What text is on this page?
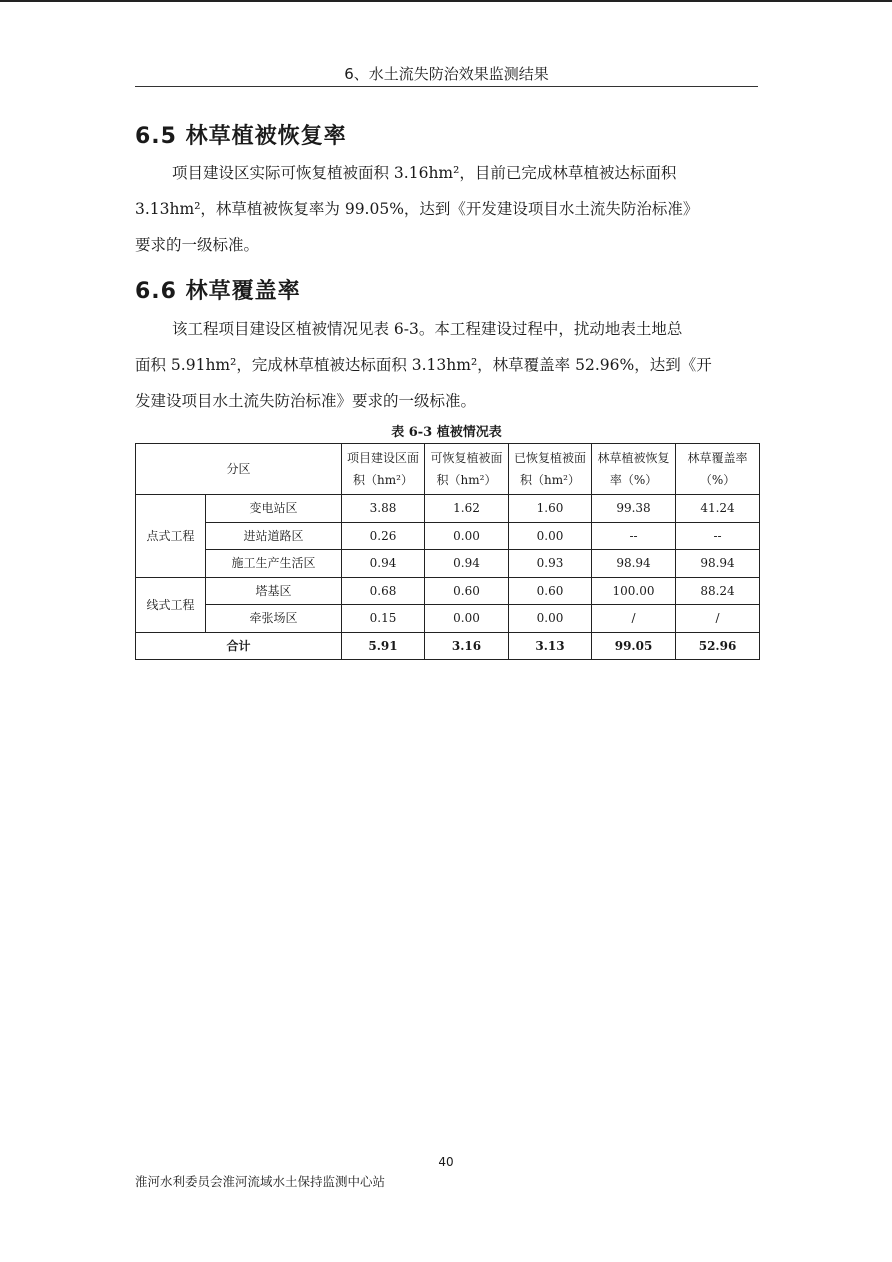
6、水土流失防治效果监测结果
6.5 林草植被恢复率
项目建设区实际可恢复植被面积 3.16hm²，目前已完成林草植被达标面积
3.13hm²，林草植被恢复率为 99.05%，达到《开发建设项目水土流失防治标准》
要求的一级标准。
6.6 林草覆盖率
该工程项目建设区植被情况见表 6-3。本工程建设过程中，扰动地表土地总
面积 5.91hm²，完成林草植被达标面积 3.13hm²，林草覆盖率 52.96%，达到《开
发建设项目水土流失防治标准》要求的一级标准。
表 6-3 植被情况表
分区		项目建设区面积（hm²）	可恢复植被面积（hm²）	已恢复植被面积（hm²）	林草植被恢复率（%）	林草覆盖率（%）
点式工程	变电站区	3.88	1.62	1.60	99.38	41.24
	进站道路区	0.26	0.00	0.00	--	--
	施工生产生活区	0.94	0.94	0.93	98.94	98.94
线式工程	塔基区	0.68	0.60	0.60	100.00	88.24
	牵张场区	0.15	0.00	0.00	/	/
合计		5.91	3.16	3.13	99.05	52.96
40
淮河水利委员会淮河流域水土保持监测中心站
